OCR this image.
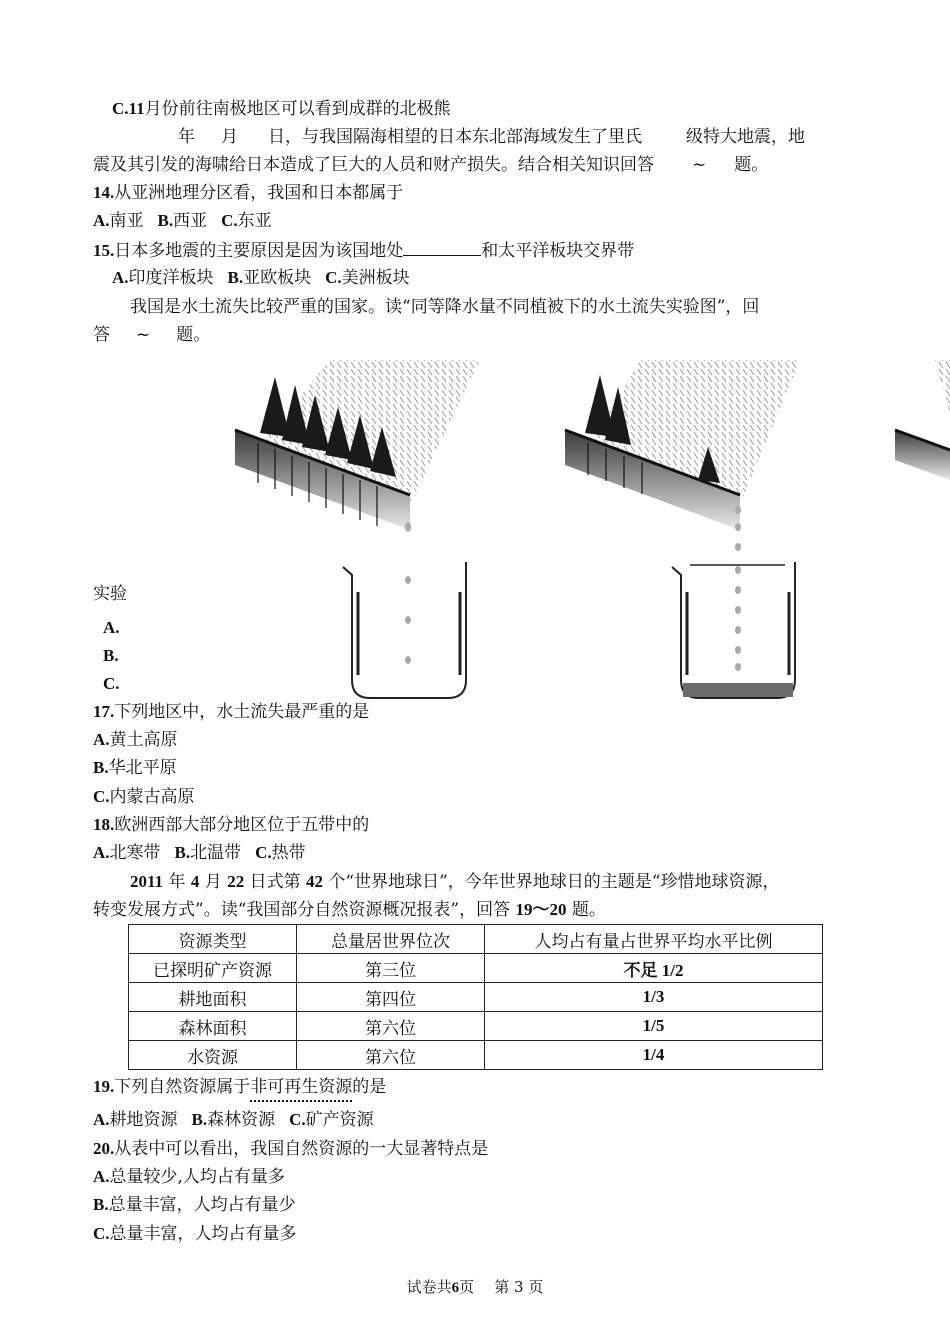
C.11月份前往南极地区可以看到成群的北极熊
年 月 日，与我国隔海相望的日本东北部海域发生了里氏	级特大地震，地
震及其引发的海啸给日本造成了巨大的人员和财产损失。结合相关知识回答 ~ 题。
14.从亚洲地理分区看，我国和日本都属于
A.南亚 B.西亚 C.东亚
15.日本多地震的主要原因是因为该国地处	和太平洋板块交界带
A.印度洋板块 B.亚欧板块 C.美洲板块
我国是水土流失比较严重的国家。读“同等降水量不同植被下的水土流失实验图”，回
答 ~ 题。
实验
A.
B.
C.
17.下列地区中，水土流失最严重的是
A.黄土高原
B.华北平原
C.内蒙古高原
18.欧洲西部大部分地区位于五带中的
A.北寒带 B.北温带 C.热带
2011 年 4 月 22 日式第 42 个“世界地球日”，今年世界地球日的主题是“珍惜地球资源，
转变发展方式”。读“我国部分自然资源概况报表”，回答 19～20 题。
资源类型	总量居世界位次	人均占有量占世界平均水平比例
已探明矿产资源	第三位	不足 1/2
耕地面积	第四位	1/3
森林面积	第六位	1/5
水资源	第六位	1/4
19.下列自然资源属于非可再生资源的是
A.耕地资源 B.森林资源 C.矿产资源
20.从表中可以看出，我国自然资源的一大显著特点是
A.总量较少,人均占有量多
B.总量丰富，人均占有量少
C.总量丰富，人均占有量多
试卷共6页 第 3 页
